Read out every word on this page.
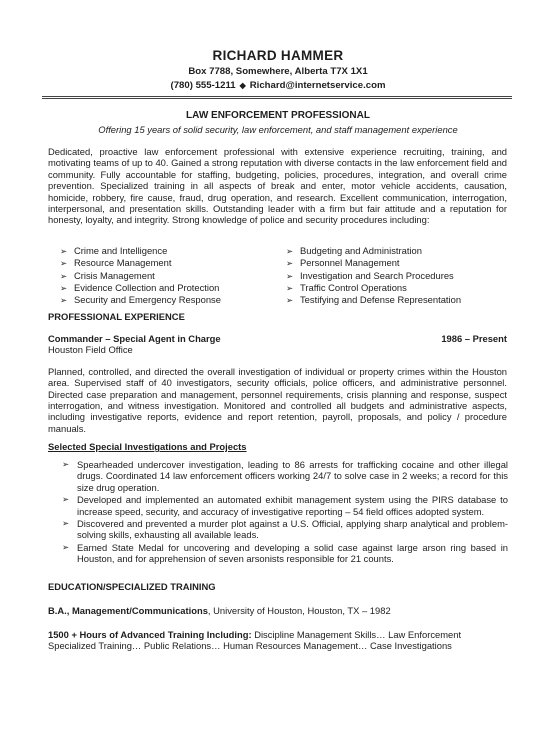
RICHARD HAMMER
Box 7788, Somewhere, Alberta T7X 1X1
(780) 555-1211 ◆ Richard@internetservice.com
LAW ENFORCEMENT PROFESSIONAL
Offering 15 years of solid security, law enforcement, and staff management experience
Dedicated, proactive law enforcement professional with extensive experience recruiting, training, and motivating teams of up to 40. Gained a strong reputation with diverse contacts in the law enforcement field and community. Fully accountable for staffing, budgeting, policies, procedures, integration, and overall crime prevention. Specialized training in all aspects of break and enter, motor vehicle accidents, causation, homicide, robbery, fire cause, fraud, drug operation, and research. Excellent communication, interrogation, interpersonal, and presentation skills. Outstanding leader with a firm but fair attitude and a reputation for honesty, loyalty, and integrity. Strong knowledge of police and security procedures including:
➢ Crime and Intelligence
➢ Resource Management
➢ Crisis Management
➢ Evidence Collection and Protection
➢ Security and Emergency Response
➢ Budgeting and Administration
➢ Personnel Management
➢ Investigation and Search Procedures
➢ Traffic Control Operations
➢ Testifying and Defense Representation
PROFESSIONAL EXPERIENCE
Commander – Special Agent in Charge	1986 – Present
Houston Field Office
Planned, controlled, and directed the overall investigation of individual or property crimes within the Houston area. Supervised staff of 40 investigators, security officials, police officers, and administrative personnel. Directed case preparation and management, personnel requirements, crisis planning and response, suspect interrogation, and witness investigation. Monitored and controlled all budgets and administrative aspects, including investigative reports, evidence and report retention, payroll, proposals, and policy / procedure manuals.
Selected Special Investigations and Projects
➢ Spearheaded undercover investigation, leading to 86 arrests for trafficking cocaine and other illegal drugs. Coordinated 14 law enforcement officers working 24/7 to solve case in 2 weeks; a record for this size drug operation.
➢ Developed and implemented an automated exhibit management system using the PIRS database to increase speed, security, and accuracy of investigative reporting – 54 field offices adopted system.
➢ Discovered and prevented a murder plot against a U.S. Official, applying sharp analytical and problem-solving skills, exhausting all available leads.
➢ Earned State Medal for uncovering and developing a solid case against large arson ring based in Houston, and for apprehension of seven arsonists responsible for 21 counts.
EDUCATION/SPECIALIZED TRAINING
B.A., Management/Communications, University of Houston, Houston, TX – 1982
1500 + Hours of Advanced Training Including: Discipline Management Skills… Law Enforcement Specialized Training… Public Relations… Human Resources Management… Case Investigations
